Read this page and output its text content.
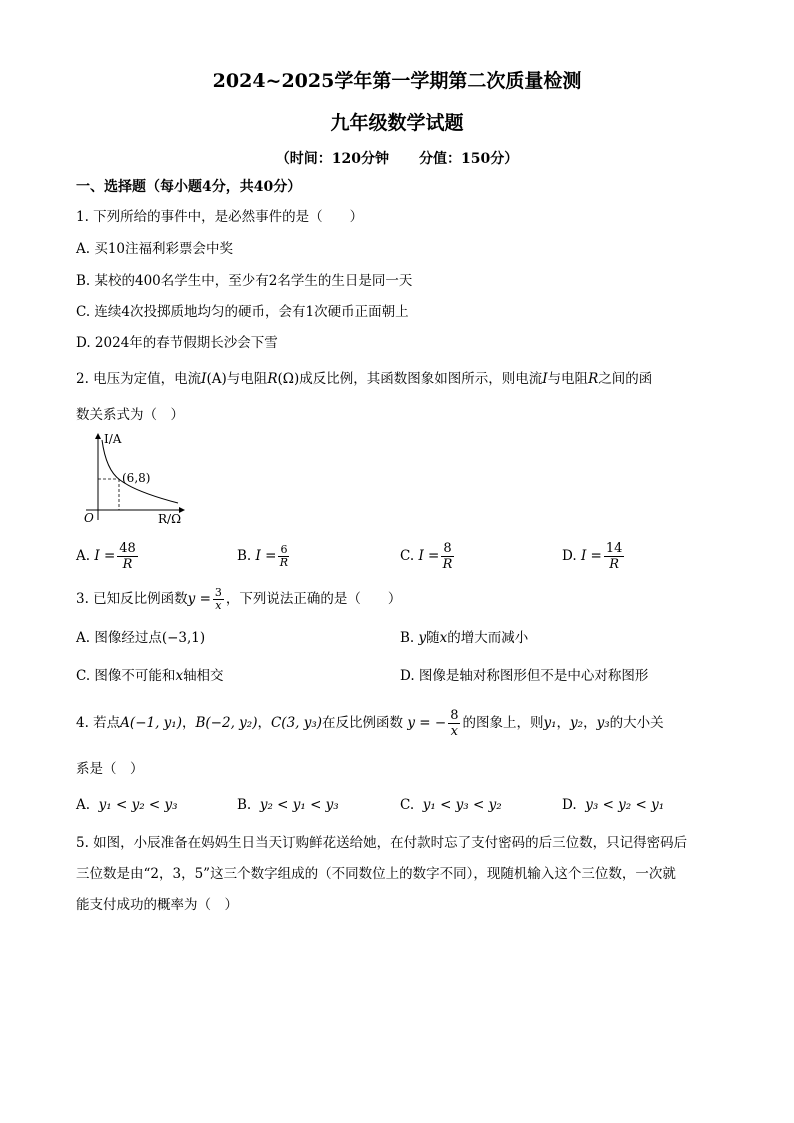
2024~2025学年第一学期第二次质量检测
九年级数学试题
（时间：120分钟 分值：150分）
一、选择题（每小题4分，共40分）
1. 下列所给的事件中，是必然事件的是（　　）
A. 买10注福利彩票会中奖
B. 某校的400名学生中，至少有2名学生的生日是同一天
C. 连续4次投掷质地均匀的硬币，会有1次硬币正面朝上
D. 2024年的春节假期长沙会下雪
2. 电压为定值，电流I(A)与电阻R(Ω)成反比例，其函数图象如图所示，则电流I与电阻R之间的函
数关系式为（　）
I/A
(6,8)
O	R/Ω
A. $I = \frac{48}{R}$	B. $I = \frac{6}{R}$	C. $I = \frac{8}{R}$	D. $I = \frac{14}{R}$
3. 已知反比例函数$y = \frac{3}{x}$ ，下列说法正确的是（　　）
A. 图像经过点(−3,1)	B. y随x的增大而减小
C. 图像不可能和x轴相交	D. 图像是轴对称图形但不是中心对称图形
4. 若点A(−1, y₁)，B(−2, y₂)，C(3, y₃)在反比例函数 y = − $\frac{8}{x}$ 的图象上，则y₁，y₂，y₃的大小关
系是（　）
A. y₁ < y₂ < y₃	B. y₂ < y₁ < y₃	C. y₁ < y₃ < y₂	D. y₃ < y₂ < y₁
5. 如图，小辰准备在妈妈生日当天订购鲜花送给她，在付款时忘了支付密码的后三位数，只记得密码后
三位数是由“2，3，5”这三个数字组成的（不同数位上的数字不同），现随机输入这个三位数，一次就
能支付成功的概率为（　）
